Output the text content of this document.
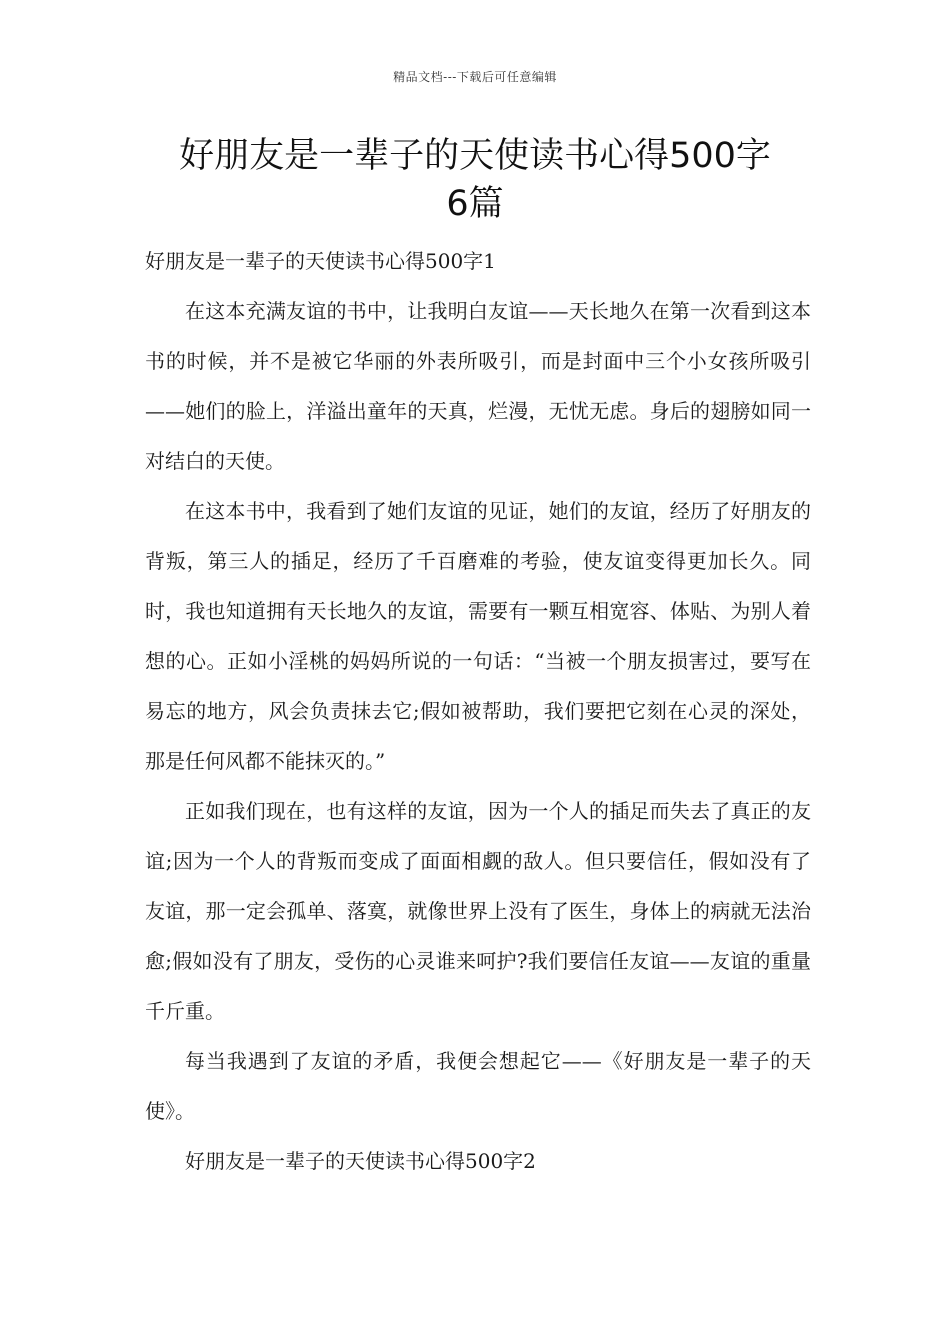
精品文档---下载后可任意编辑
好朋友是一辈子的天使读书心得500字
6篇

好朋友是一辈子的天使读书心得500字1

在这本充满友谊的书中，让我明白友谊——天长地久在第一次看到这本书的时候，并不是被它华丽的外表所吸引，而是封面中三个小女孩所吸引——她们的脸上，洋溢出童年的天真，烂漫，无忧无虑。身后的翅膀如同一对结白的天使。

在这本书中，我看到了她们友谊的见证，她们的友谊，经历了好朋友的背叛，第三人的插足，经历了千百磨难的考验，使友谊变得更加长久。同时，我也知道拥有天长地久的友谊，需要有一颗互相宽容、体贴、为别人着想的心。正如小淫桃的妈妈所说的一句话：“当被一个朋友损害过，要写在易忘的地方，风会负责抹去它;假如被帮助，我们要把它刻在心灵的深处，那是任何风都不能抹灭的。”

正如我们现在，也有这样的友谊，因为一个人的插足而失去了真正的友谊;因为一个人的背叛而变成了面面相觑的敌人。但只要信任，假如没有了友谊，那一定会孤单、落寞，就像世界上没有了医生，身体上的病就无法治愈;假如没有了朋友，受伤的心灵谁来呵护?我们要信任友谊——友谊的重量千斤重。

每当我遇到了友谊的矛盾，我便会想起它——《好朋友是一辈子的天使》。

好朋友是一辈子的天使读书心得500字2
